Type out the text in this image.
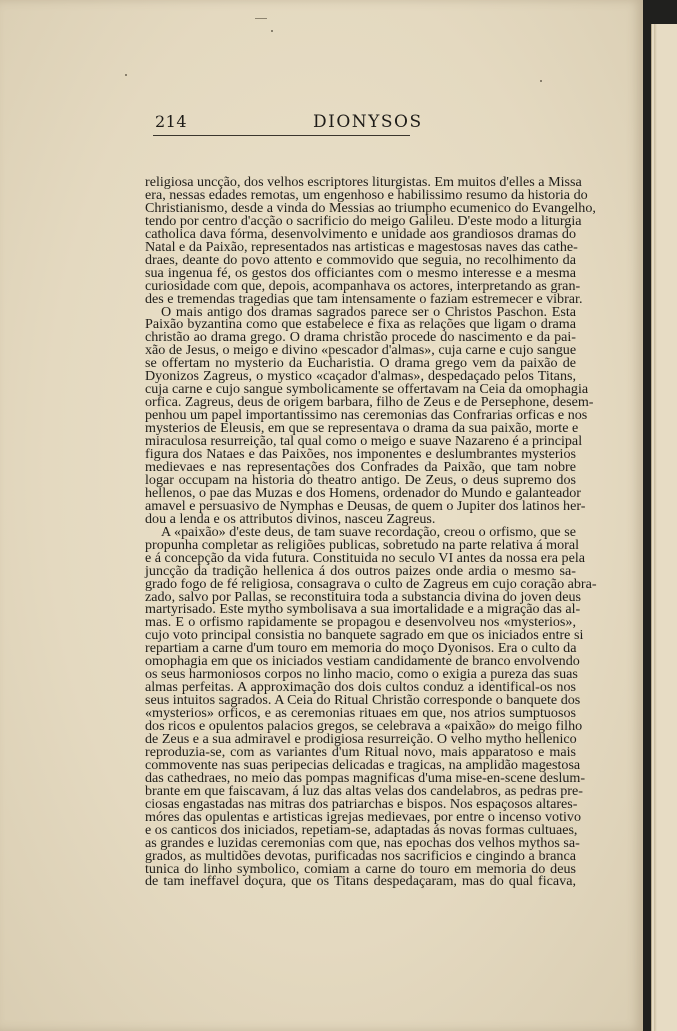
214	DIONYSOS
religiosa uncção, dos velhos escriptores liturgistas. Em muitos d'elles a Missa
era, nessas edades remotas, um engenhoso e habilissimo resumo da historia do
Christianismo, desde a vinda do Messias ao triumpho ecumenico do Evangelho,
tendo por centro d'acção o sacrificio do meigo Galileu. D'este modo a liturgia
catholica dava fórma, desenvolvimento e unidade aos grandiosos dramas do
Natal e da Paixão, representados nas artisticas e magestosas naves das cathe-
draes, deante do povo attento e commovido que seguia, no recolhimento da
sua ingenua fé, os gestos dos officiantes com o mesmo interesse e a mesma
curiosidade com que, depois, acompanhava os actores, interpretando as gran-
des e tremendas tragedias que tam intensamente o faziam estremecer e vibrar.
O mais antigo dos dramas sagrados parece ser o Christos Paschon. Esta
Paixão byzantina como que estabelece e fixa as relações que ligam o drama
christão ao drama grego. O drama christão procede do nascimento e da pai-
xão de Jesus, o meigo e divino «pescador d'almas», cuja carne e cujo sangue
se offertam no mysterio da Eucharistia. O drama grego vem da paixão de
Dyonizos Zagreus, o mystico «caçador d'almas», despedaçado pelos Titans,
cuja carne e cujo sangue symbolicamente se offertavam na Ceia da omophagia
orfica. Zagreus, deus de origem barbara, filho de Zeus e de Persephone, desem-
penhou um papel importantissimo nas ceremonias das Confrarias orficas e nos
mysterios de Eleusis, em que se representava o drama da sua paixão, morte e
miraculosa resurreição, tal qual como o meigo e suave Nazareno é a principal
figura dos Nataes e das Paixões, nos imponentes e deslumbrantes mysterios
medievaes e nas representações dos Confrades da Paixão, que tam nobre
logar occupam na historia do theatro antigo. De Zeus, o deus supremo dos
hellenos, o pae das Muzas e dos Homens, ordenador do Mundo e galanteador
amavel e persuasivo de Nymphas e Deusas, de quem o Jupiter dos latinos her-
dou a lenda e os attributos divinos, nasceu Zagreus.
A «paixão» d'este deus, de tam suave recordação, creou o orfismo, que se
propunha completar as religiões publicas, sobretudo na parte relativa á moral
e á concepção da vida futura. Constituida no seculo VI antes da nossa era pela
juncção da tradição hellenica á dos outros paizes onde ardia o mesmo sa-
grado fogo de fé religiosa, consagrava o culto de Zagreus em cujo coração abra-
zado, salvo por Pallas, se reconstituira toda a substancia divina do joven deus
martyrisado. Este mytho symbolisava a sua imortalidade e a migração das al-
mas. E o orfismo rapidamente se propagou e desenvolveu nos «mysterios»,
cujo voto principal consistia no banquete sagrado em que os iniciados entre si
repartiam a carne d'um touro em memoria do moço Dyonisos. Era o culto da
omophagia em que os iniciados vestiam candidamente de branco envolvendo
os seus harmoniosos corpos no linho macio, como o exigia a pureza das suas
almas perfeitas. A approximação dos dois cultos conduz a identifical-os nos
seus intuitos sagrados. A Ceia do Ritual Christão corresponde o banquete dos
«mysterios» orficos, e as ceremonias rituaes em que, nos atrios sumptuosos
dos ricos e opulentos palacios gregos, se celebrava a «paixão» do meigo filho
de Zeus e a sua admiravel e prodigiosa resurreição. O velho mytho hellenico
reproduzia-se, com as variantes d'um Ritual novo, mais apparatoso e mais
commovente nas suas peripecias delicadas e tragicas, na amplidão magestosa
das cathedraes, no meio das pompas magnificas d'uma mise-en-scene deslum-
brante em que faiscavam, á luz das altas velas dos candelabros, as pedras pre-
ciosas engastadas nas mitras dos patriarchas e bispos. Nos espaçosos altares-
móres das opulentas e artisticas igrejas medievaes, por entre o incenso votivo
e os canticos dos iniciados, repetiam-se, adaptadas ás novas formas cultuaes,
as grandes e luzidas ceremonias com que, nas epochas dos velhos mythos sa-
grados, as multidões devotas, purificadas nos sacrificios e cingindo a branca
tunica do linho symbolico, comiam a carne do touro em memoria do deus
de tam ineffavel doçura, que os Titans despedaçaram, mas do qual ficava,
